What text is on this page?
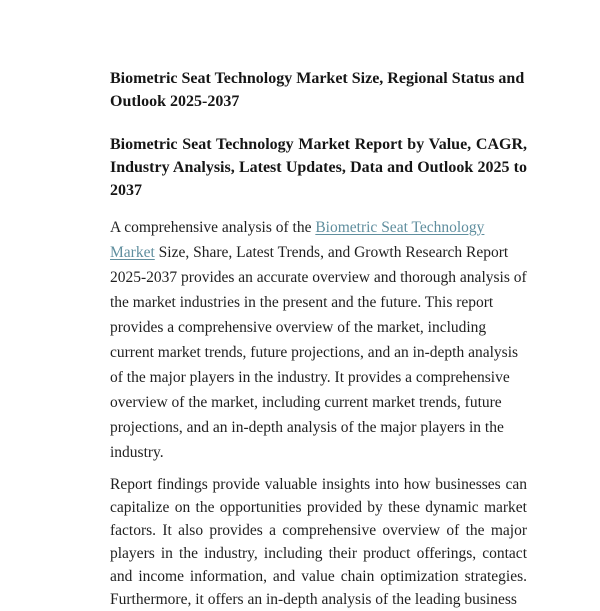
Biometric Seat Technology Market Size, Regional Status and Outlook 2025-2037
Biometric Seat Technology Market Report by Value, CAGR, Industry Analysis, Latest Updates, Data and Outlook 2025 to 2037

A comprehensive analysis of the Biometric Seat Technology Market Size, Share, Latest Trends, and Growth Research Report 2025-2037 provides an accurate overview and thorough analysis of the market industries in the present and the future. This report provides a comprehensive overview of the market, including current market trends, future projections, and an in-depth analysis of the major players in the industry. It provides a comprehensive overview of the market, including current market trends, future projections, and an in-depth analysis of the major players in the industry.

Report findings provide valuable insights into how businesses can capitalize on the opportunities provided by these dynamic market factors. It also provides a comprehensive overview of the major players in the industry, including their product offerings, contact and income information, and value chain optimization strategies. Furthermore, it offers an in-depth analysis of the leading business
